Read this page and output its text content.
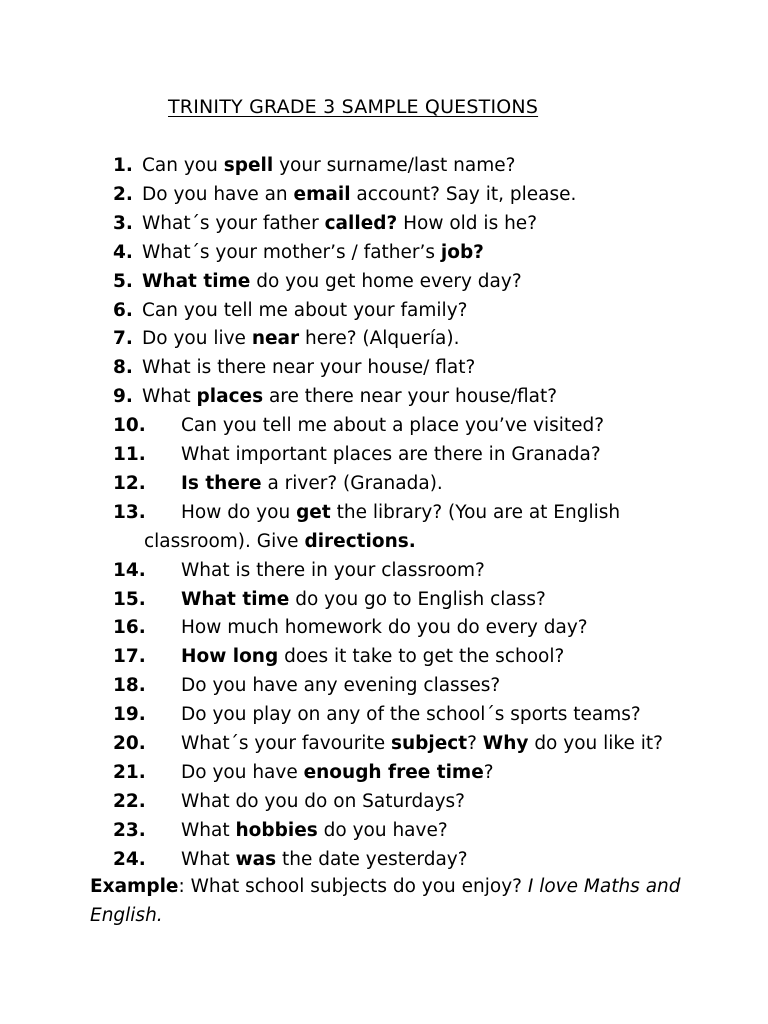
TRINITY GRADE 3 SAMPLE QUESTIONS
1. Can you spell your surname/last name?
2. Do you have an email account? Say it, please.
3. What´s your father called? How old is he?
4. What´s your mother’s / father’s job?
5. What time do you get home every day?
6. Can you tell me about your family?
7. Do you live near here? (Alquería).
8. What is there near your house/ flat?
9. What places are there near your house/flat?
10. Can you tell me about a place you’ve visited?
11. What important places are there in Granada?
12. Is there a river? (Granada).
13. How do you get the library? (You are at English
classroom). Give directions.
14. What is there in your classroom?
15. What time do you go to English class?
16. How much homework do you do every day?
17. How long does it take to get the school?
18. Do you have any evening classes?
19. Do you play on any of the school´s sports teams?
20. What´s your favourite subject? Why do you like it?
21. Do you have enough free time?
22. What do you do on Saturdays?
23. What hobbies do you have?
24. What was the date yesterday?
Example: What school subjects do you enjoy? I love Maths and English.
